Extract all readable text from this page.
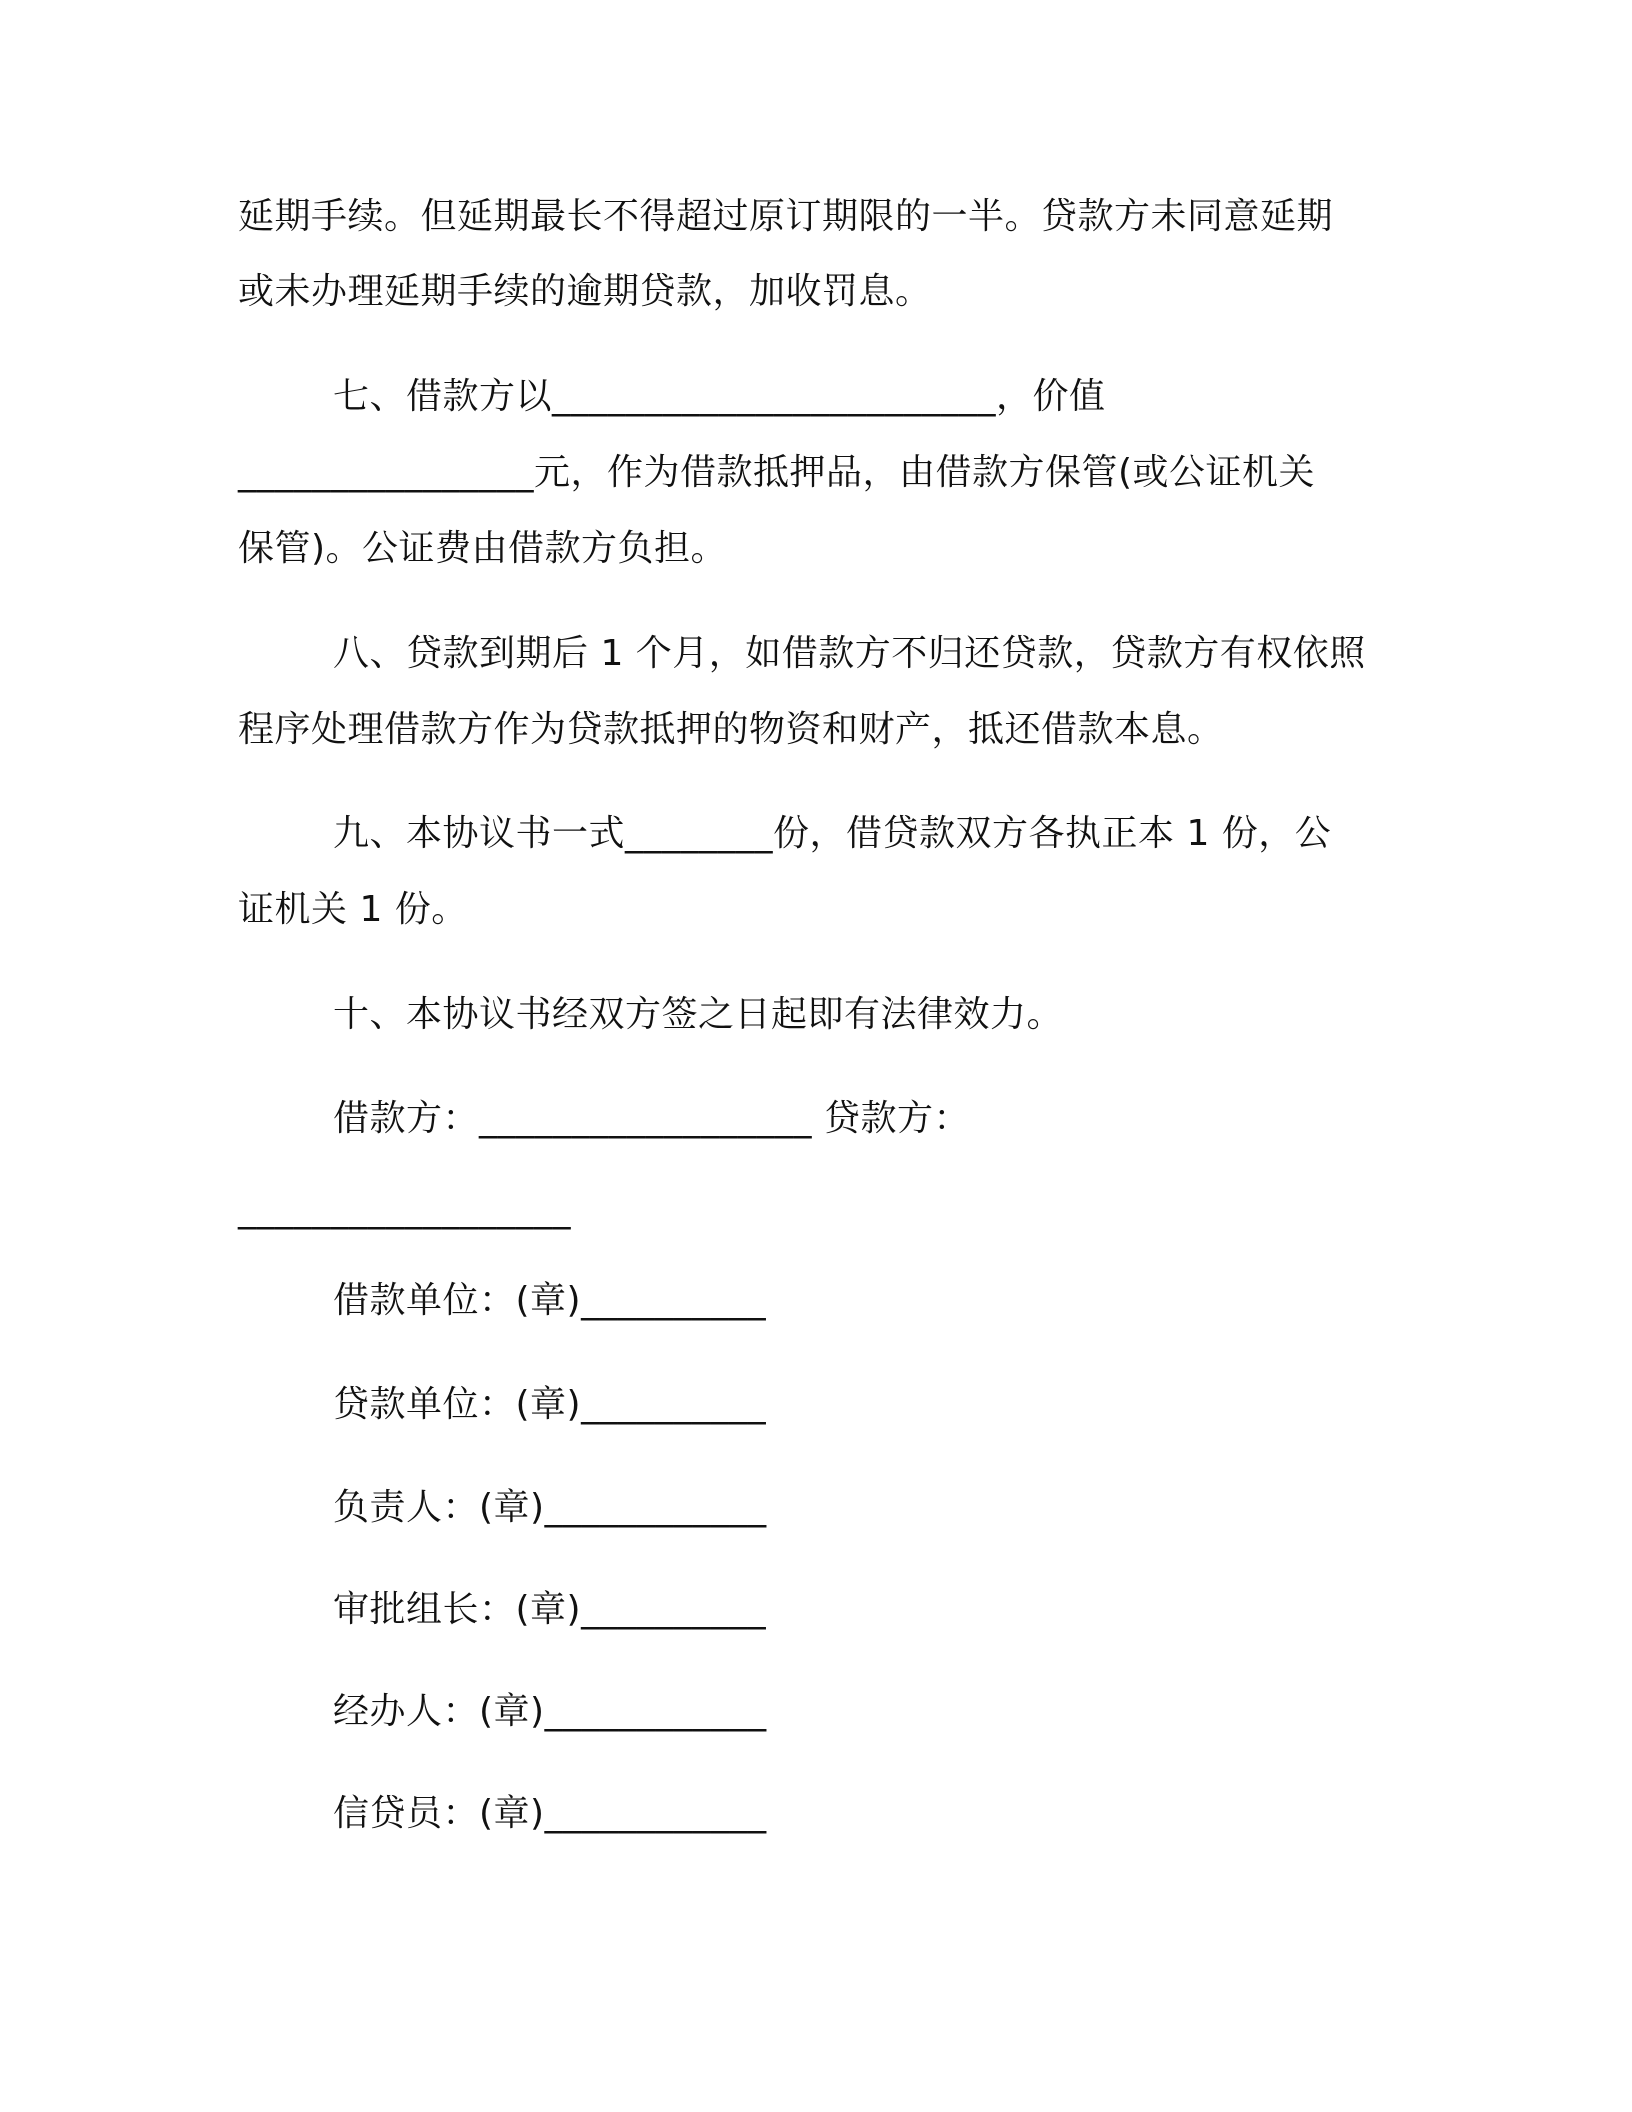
延期手续。但延期最长不得超过原订期限的一半。贷款方未同意延期
或未办理延期手续的逾期贷款，加收罚息。
七、借款方以________________________，价值
________________元，作为借款抵押品，由借款方保管(或公证机关
保管)。公证费由借款方负担。
八、贷款到期后 1 个月，如借款方不归还贷款，贷款方有权依照
程序处理借款方作为贷款抵押的物资和财产，抵还借款本息。
九、本协议书一式________份，借贷款双方各执正本 1 份，公
证机关 1 份。
十、本协议书经双方签之日起即有法律效力。
借款方：__________________ 贷款方：
__________________
借款单位：(章)__________
贷款单位：(章)__________
负责人：(章)____________
审批组长：(章)__________
经办人：(章)____________
信贷员：(章)____________
